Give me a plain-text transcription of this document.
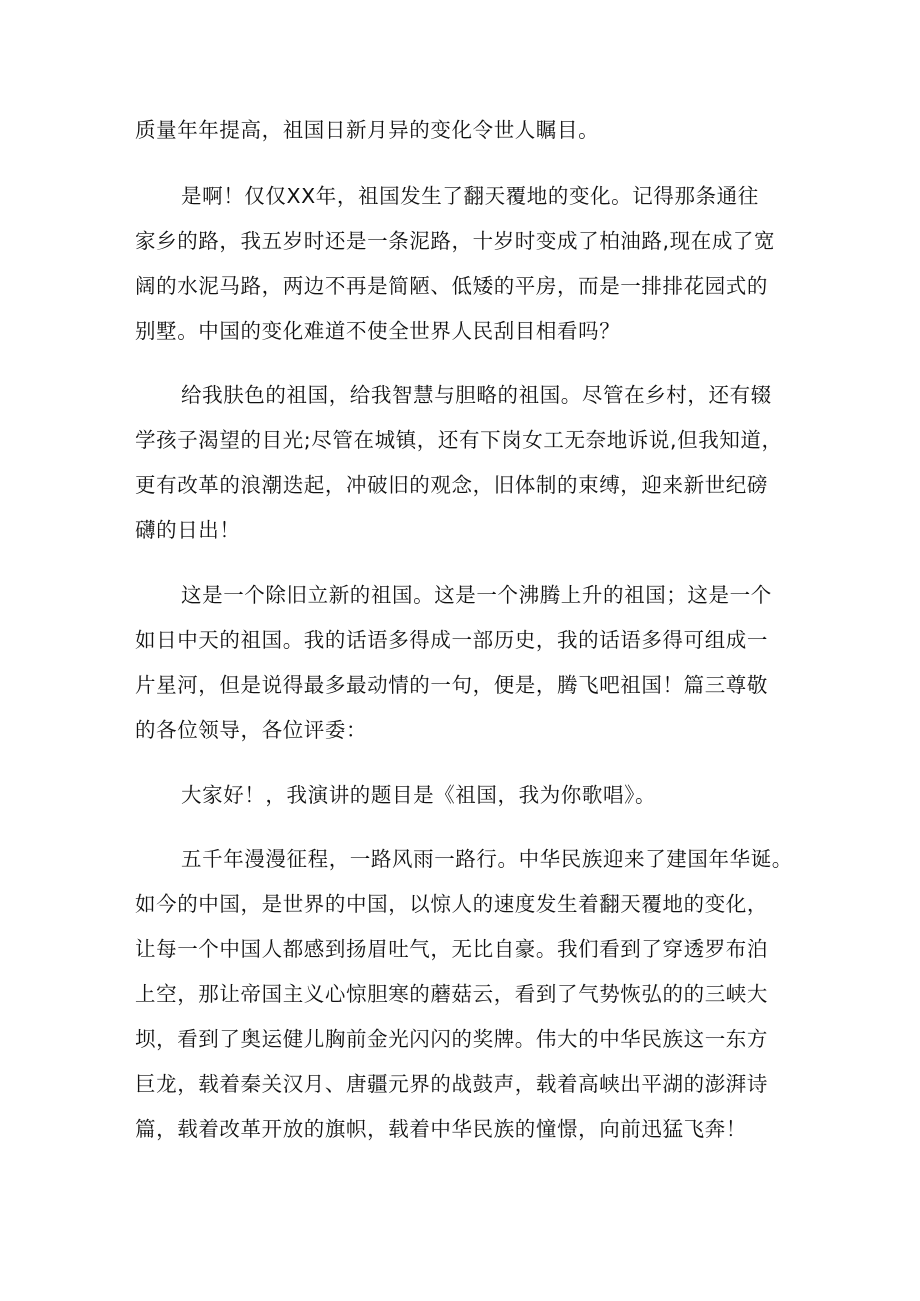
质量年年提高，祖国日新月异的变化令世人瞩目。
是啊！仅仅XX年，祖国发生了翻天覆地的变化。记得那条通往
家乡的路，我五岁时还是一条泥路，十岁时变成了柏油路,现在成了宽
阔的水泥马路，两边不再是简陋、低矮的平房，而是一排排花园式的
别墅。中国的变化难道不使全世界人民刮目相看吗？
给我肤色的祖国，给我智慧与胆略的祖国。尽管在乡村，还有辍
学孩子渴望的目光;尽管在城镇，还有下岗女工无奈地诉说,但我知道，
更有改革的浪潮迭起，冲破旧的观念，旧体制的束缚，迎来新世纪磅
礴的日出！
这是一个除旧立新的祖国。这是一个沸腾上升的祖国；这是一个
如日中天的祖国。我的话语多得成一部历史，我的话语多得可组成一
片星河，但是说得最多最动情的一句，便是，腾飞吧祖国！篇三尊敬
的各位领导，各位评委：
大家好！，我演讲的题目是《祖国，我为你歌唱》。
五千年漫漫征程，一路风雨一路行。中华民族迎来了建国年华诞。
如今的中国，是世界的中国，以惊人的速度发生着翻天覆地的变化，
让每一个中国人都感到扬眉吐气，无比自豪。我们看到了穿透罗布泊
上空，那让帝国主义心惊胆寒的蘑菇云，看到了气势恢弘的的三峡大
坝，看到了奥运健儿胸前金光闪闪的奖牌。伟大的中华民族这一东方
巨龙，载着秦关汉月、唐疆元界的战鼓声，载着高峡出平湖的澎湃诗
篇，载着改革开放的旗帜，载着中华民族的憧憬，向前迅猛飞奔！
